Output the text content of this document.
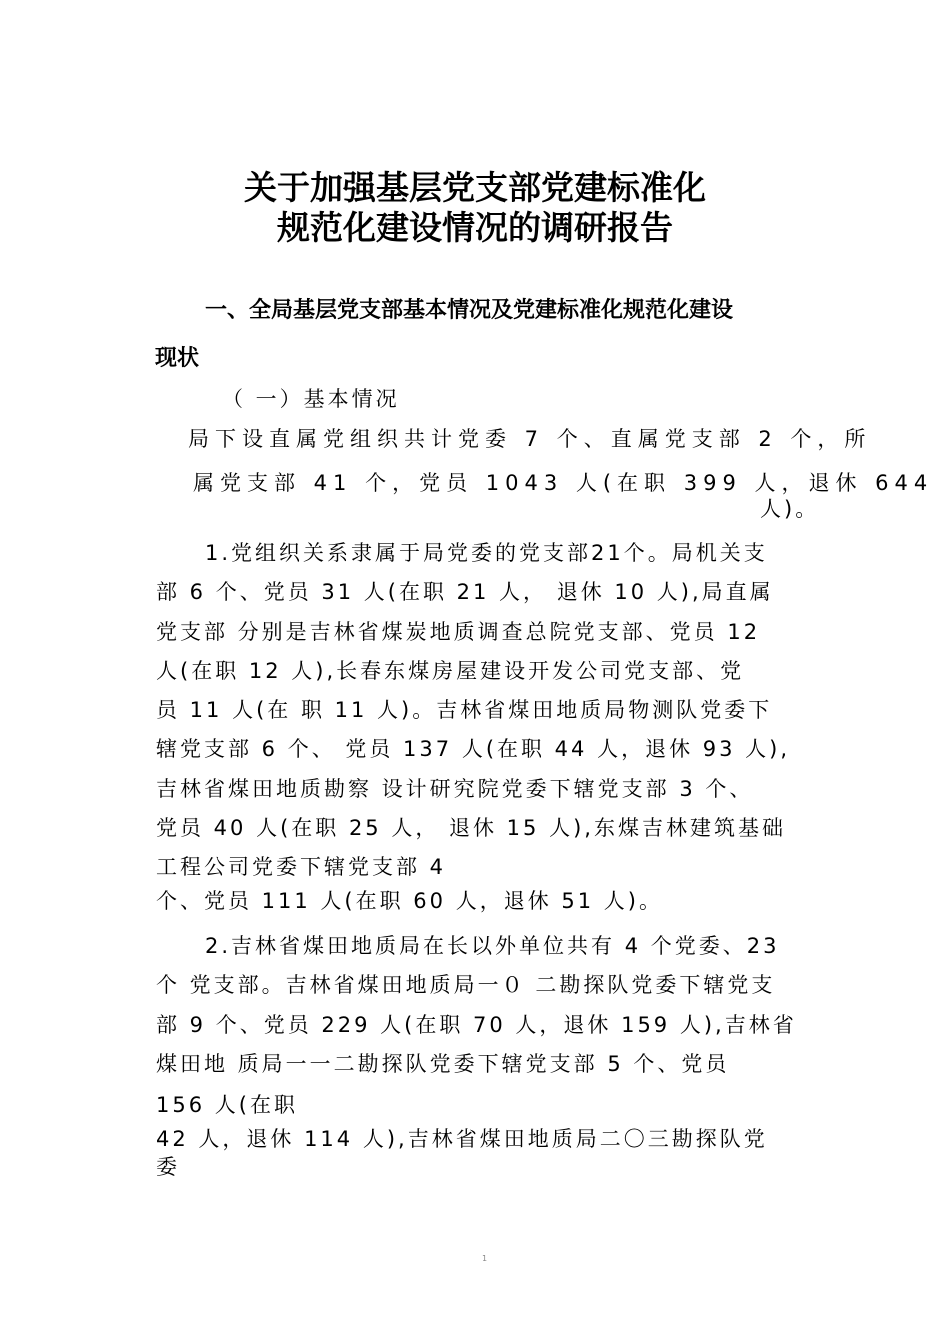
关于加强基层党支部党建标准化
规范化建设情况的调研报告
一、全局基层党支部基本情况及党建标准化规范化建设
现状
（ 一）基本情况
局下设直属党组织共计党委 7 个、直属党支部 2 个，所
属党支部 41 个，党员 1043 人(在职 399 人，退休 644
人)。
1.党组织关系隶属于局党委的党支部21个。局机关支
部 6 个、党员 31 人(在职 21 人， 退休 10 人),局直属
党支部 分别是吉林省煤炭地质调查总院党支部、党员 12
人(在职 12 人),长春东煤房屋建设开发公司党支部、党
员 11 人(在 职 11 人)。吉林省煤田地质局物测队党委下
辖党支部 6 个、 党员 137 人(在职 44 人，退休 93 人),
吉林省煤田地质勘察 设计研究院党委下辖党支部 3 个、
党员 40 人(在职 25 人， 退休 15 人),东煤吉林建筑基础
工程公司党委下辖党支部 4
个、党员 111 人(在职 60 人，退休 51 人)。
2.吉林省煤田地质局在长以外单位共有 4 个党委、23
个 党支部。吉林省煤田地质局一０ 二勘探队党委下辖党支
部 9 个、党员 229 人(在职 70 人，退休 159 人),吉林省
煤田地 质局一一二勘探队党委下辖党支部 5 个、党员
156 人(在职
42 人，退休 114 人),吉林省煤田地质局二〇三勘探队党
委
1
